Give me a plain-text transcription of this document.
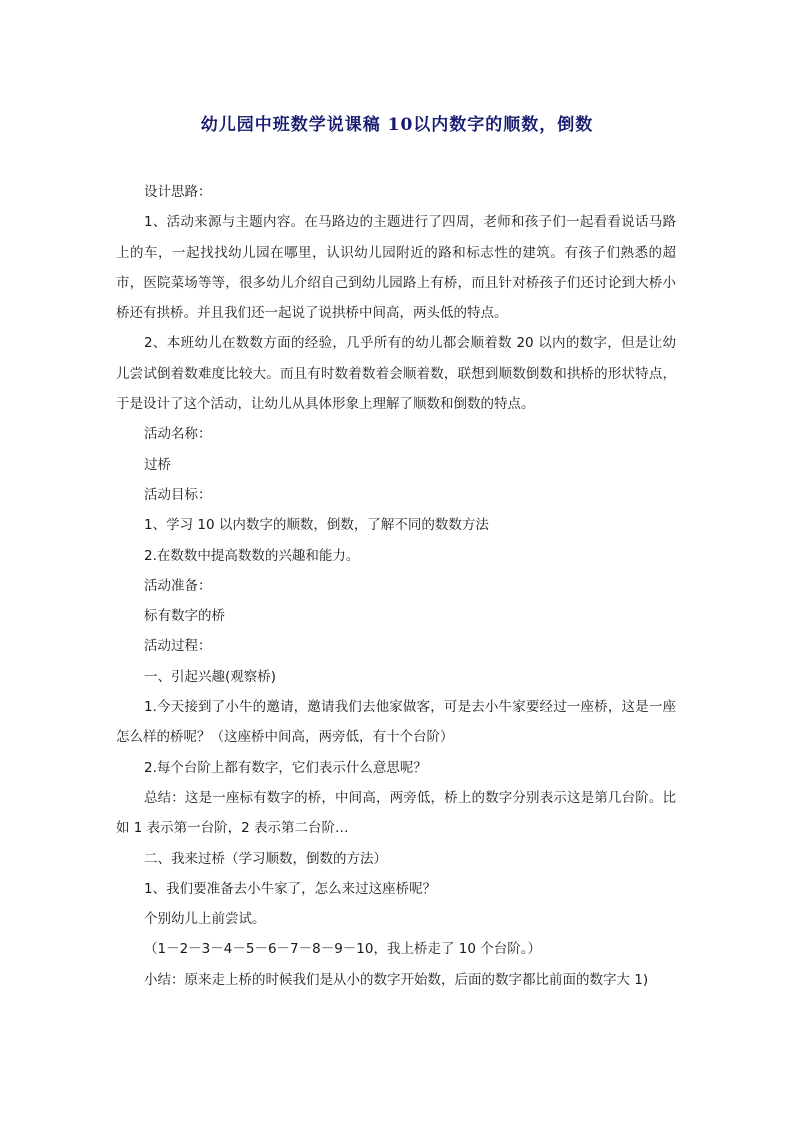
幼儿园中班数学说课稿 10以内数字的顺数，倒数

设计思路：

1、活动来源与主题内容。在马路边的主题进行了四周，老师和孩子们一起看看说话马路上的车，一起找找幼儿园在哪里，认识幼儿园附近的路和标志性的建筑。有孩子们熟悉的超市，医院菜场等等，很多幼儿介绍自己到幼儿园路上有桥，而且针对桥孩子们还讨论到大桥小桥还有拱桥。并且我们还一起说了说拱桥中间高，两头低的特点。

2、本班幼儿在数数方面的经验，几乎所有的幼儿都会顺着数 20 以内的数字，但是让幼儿尝试倒着数难度比较大。而且有时数着数着会顺着数，联想到顺数倒数和拱桥的形状特点，于是设计了这个活动，让幼儿从具体形象上理解了顺数和倒数的特点。

活动名称：

过桥

活动目标：

1、学习 10 以内数字的顺数，倒数，了解不同的数数方法

2.在数数中提高数数的兴趣和能力。

活动准备：

标有数字的桥

活动过程：

一、引起兴趣(观察桥)

1.今天接到了小牛的邀请，邀请我们去他家做客，可是去小牛家要经过一座桥，这是一座怎么样的桥呢？（这座桥中间高，两旁低，有十个台阶）

2.每个台阶上都有数字，它们表示什么意思呢？

总结：这是一座标有数字的桥，中间高，两旁低，桥上的数字分别表示这是第几台阶。比如 1 表示第一台阶，2 表示第二台阶…

二、我来过桥（学习顺数，倒数的方法）

1、我们要准备去小牛家了，怎么来过这座桥呢？

个别幼儿上前尝试。

（1－2－3－4－5－6－7－8－9－10，我上桥走了 10 个台阶。）

小结：原来走上桥的时候我们是从小的数字开始数，后面的数字都比前面的数字大 1)
